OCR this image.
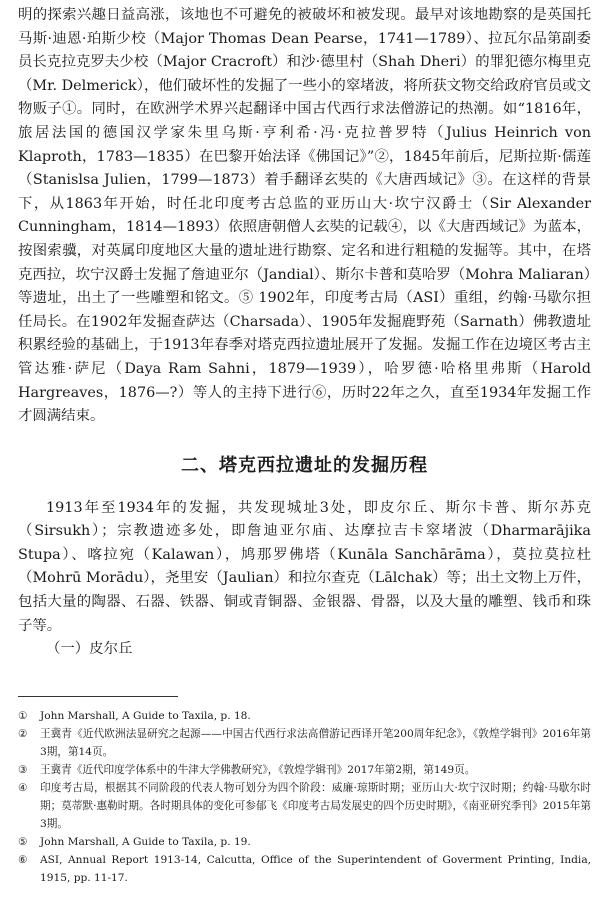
明的探索兴趣日益高涨，该地也不可避免的被破坏和被发现。最早对该地勘察的是英国托马斯·迪恩·珀斯少校（Major Thomas Dean Pearse，1741—1789）、拉瓦尔品第副委员长克拉克罗夫少校（Major Cracroft）和沙·德里村（Shah Dheri）的罪犯德尔梅里克（Mr. Delmerick），他们破坏性的发掘了一些小的窣堵波，将所获文物交给政府官员或文物贩子①。同时，在欧洲学术界兴起翻译中国古代西行求法僧游记的热潮。如“1816年，旅居法国的德国汉学家朱里乌斯·亨利希·冯·克拉普罗特（Julius Heinrich von Klaproth，1783—1835）在巴黎开始法译《佛国记》”②，1845年前后，尼斯拉斯·儒莲（Stanislsa Julien，1799—1873）着手翻译玄奘的《大唐西域记》③。在这样的背景下，从1863年开始，时任北印度考古总监的亚历山大·坎宁汉爵士（Sir Alexander Cunningham，1814—1893）依照唐朝僧人玄奘的记载④，以《大唐西域记》为蓝本，按图索骥，对英属印度地区大量的遗址进行勘察、定名和进行粗糙的发掘等。其中，在塔克西拉，坎宁汉爵士发掘了詹迪亚尔（Jandial）、斯尔卡普和莫哈罗（Mohra Maliaran）等遗址，出土了一些雕塑和铭文。⑤ 1902年，印度考古局（ASI）重组，约翰·马歇尔担任局长。在1902年发掘查萨达（Charsada）、1905年发掘鹿野苑（Sarnath）佛教遗址积累经验的基础上，于1913年春季对塔克西拉遗址展开了发掘。发掘工作在边境区考古主管达雅·萨尼（Daya Ram Sahni，1879—1939），哈罗德·哈格里弗斯（Harold Hargreaves，1876—?）等人的主持下进行⑥，历时22年之久，直至1934年发掘工作才圆满结束。

二、塔克西拉遗址的发掘历程

1913年至1934年的发掘，共发现城址3处，即皮尔丘、斯尔卡普、斯尔苏克（Sirsukh）；宗教遗迹多处，即詹迪亚尔庙、达摩拉吉卡窣堵波（Dharmarājika Stupa）、喀拉宛（Kalawan），鸠那罗佛塔（Kunāla Sanchārāma），莫拉莫拉杜（Mohrū Morādu），尧里安（Jaulian）和拉尔查克（Lālchak）等；出土文物上万件，包括大量的陶器、石器、铁器、铜或青铜器、金银器、骨器，以及大量的雕塑、钱币和珠子等。

（一）皮尔丘

①	John Marshall, A Guide to Taxila, p. 18.
②	王冀青《近代欧洲法显研究之起源——中国古代西行求法高僧游记西译开笔200周年纪念》，《敦煌学辑刊》2016年第3期，第14页。
③	王冀青《近代印度学体系中的牛津大学佛教研究》，《敦煌学辑刊》2017年第2期，第149页。
④	印度考古局，根据其不同阶段的代表人物可划分为四个阶段：威廉·琼斯时期；亚历山大·坎宁汉时期；约翰·马歇尔时期；莫蒂默·惠勒时期。各时期具体的变化可参郁飞《印度考古局发展史的四个历史时期》，《南亚研究季刊》2015年第3期。
⑤	John Marshall, A Guide to Taxila, p. 19.
⑥	ASI, Annual Report 1913-14, Calcutta, Office of the Superintendent of Goverment Printing, India, 1915, pp. 11-17.
